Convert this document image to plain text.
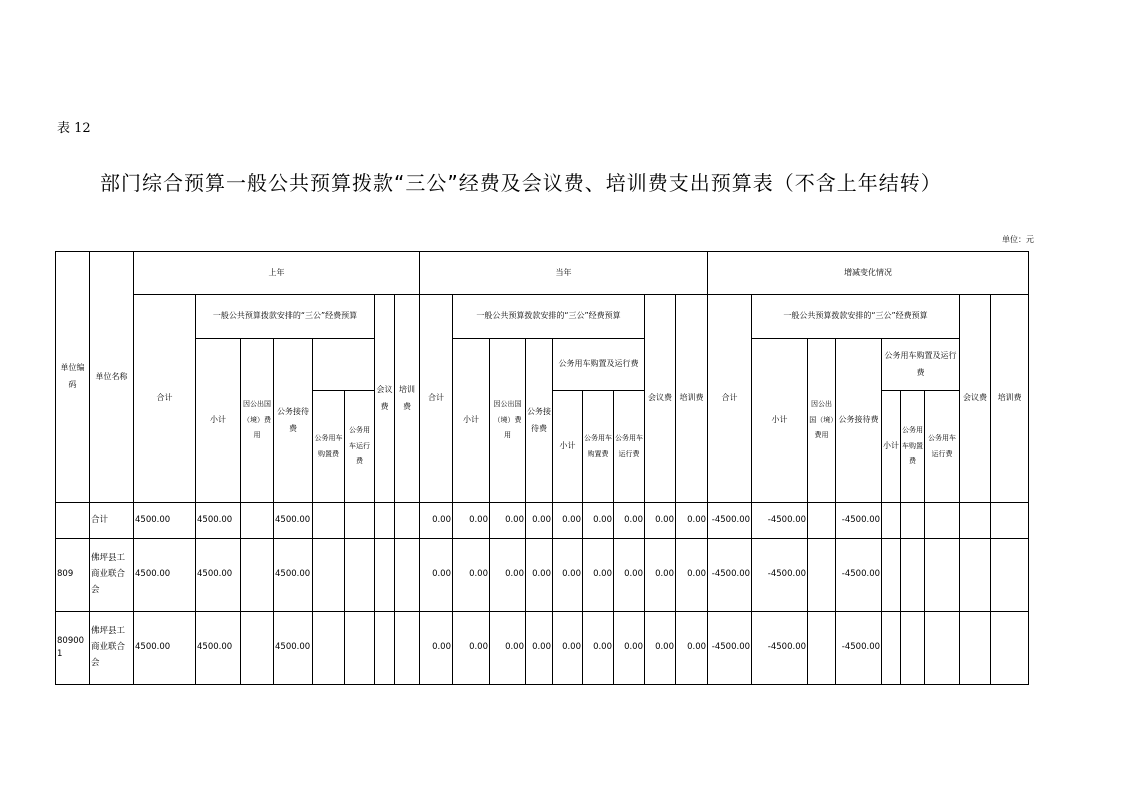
表 12
部门综合预算一般公共预算拨款“三公”经费及会议费、培训费支出预算表（不含上年结转）
单位：元
单位编码	单位名称	上年								当年									增减变化情况								
		合计	一般公共预算拨款安排的“三公”经费预算					会议费	培训费	合计	一般公共预算拨款安排的“三公”经费预算						会议费	培训费	合计	一般公共预算拨款安排的“三公”经费预算						会议费	培训费
			小计	因公出国（境）费用	公务接待费						小计	因公出国（境）费用	公务接待费	公务用车购置及运行费						小计	因公出国（境）费用	公务接待费	公务用车购置及运行费				
						公务用车购置费	公务用车运行费							小计	公务用车购置费	公务用车运行费							小计	公务用车购置费	公务用车运行费		
	合计	4500.00	4500.00		4500.00					0.00	0.00	0.00	0.00	0.00	0.00	0.00	0.00	0.00	-4500.00	-4500.00		-4500.00					
809	佛坪县工商业联合会	4500.00	4500.00		4500.00					0.00	0.00	0.00	0.00	0.00	0.00	0.00	0.00	0.00	-4500.00	-4500.00		-4500.00					
809001	佛坪县工商业联合会	4500.00	4500.00		4500.00					0.00	0.00	0.00	0.00	0.00	0.00	0.00	0.00	0.00	-4500.00	-4500.00		-4500.00					
